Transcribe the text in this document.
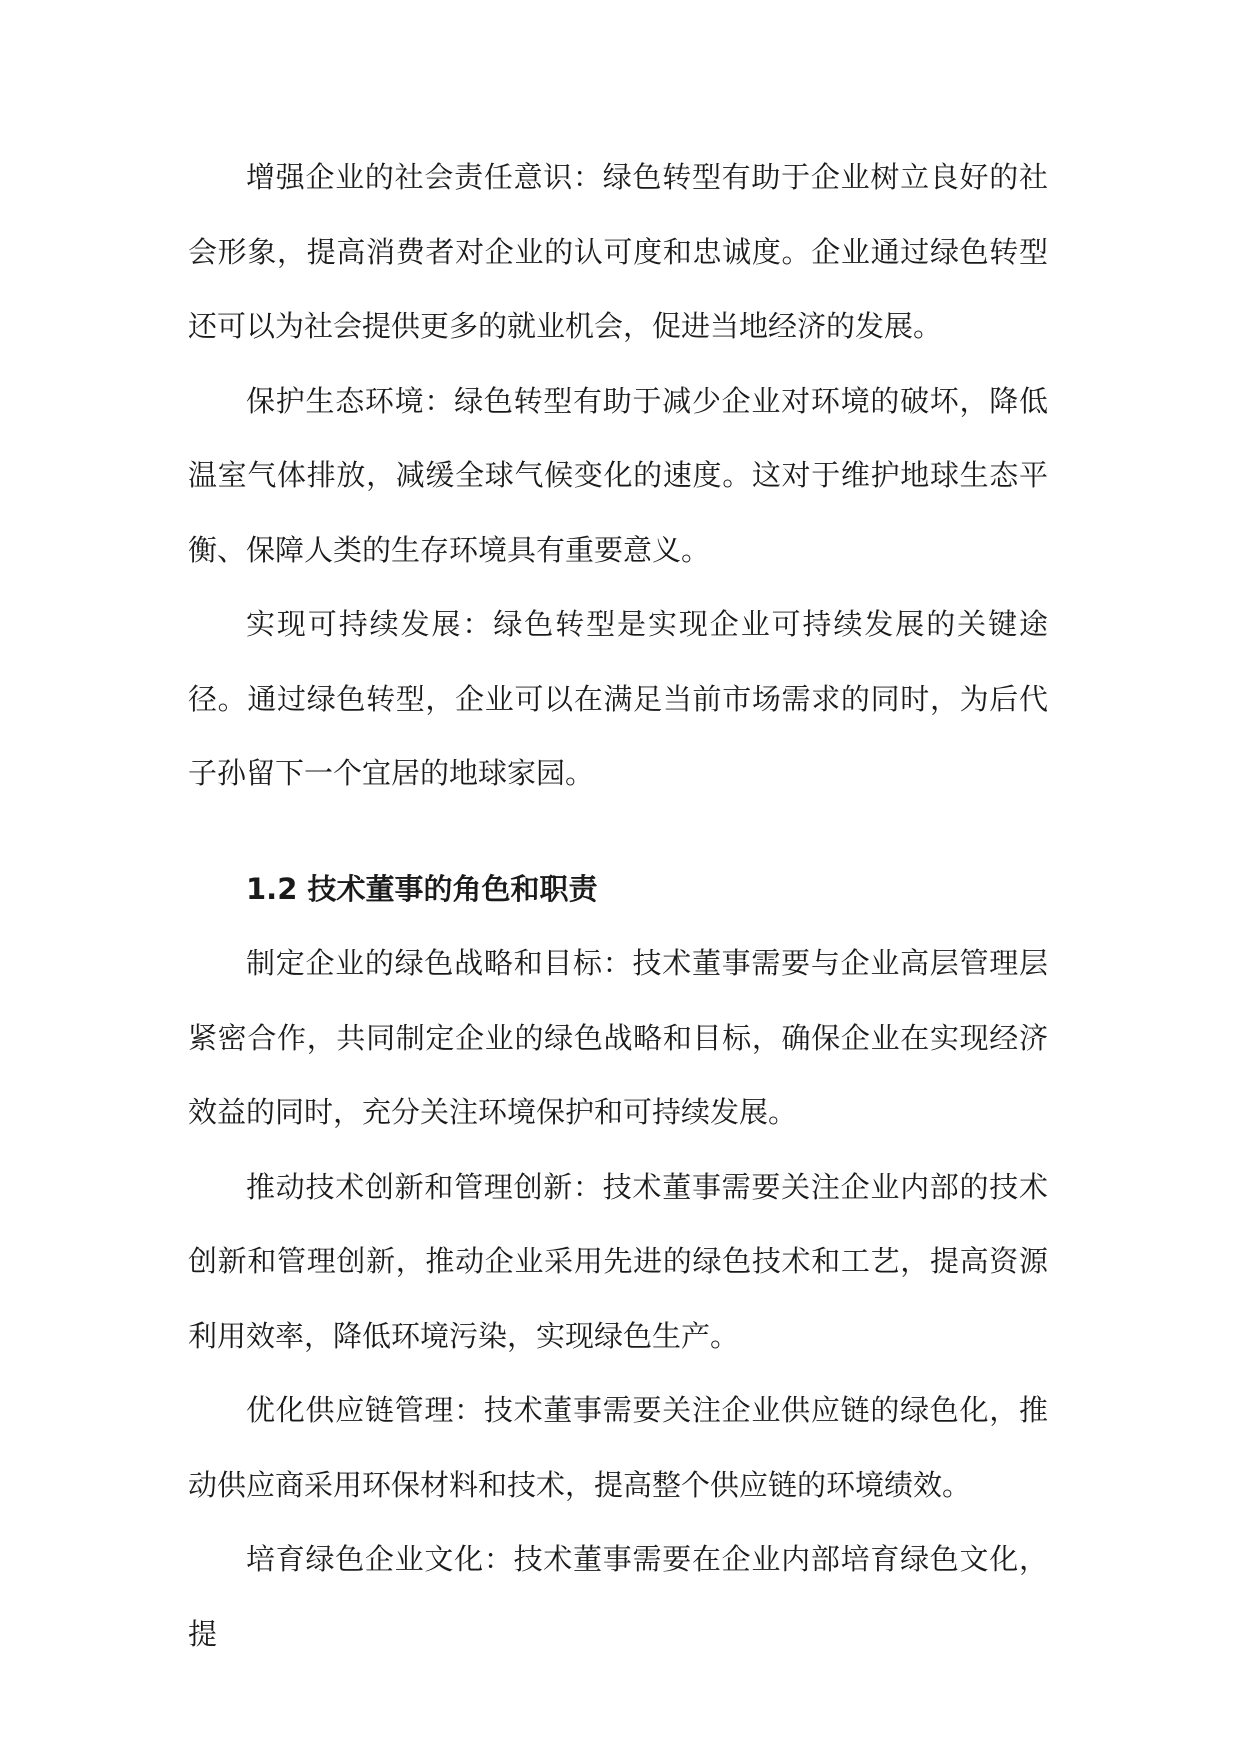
增强企业的社会责任意识：绿色转型有助于企业树立良好的社会形象，提高消费者对企业的认可度和忠诚度。企业通过绿色转型还可以为社会提供更多的就业机会，促进当地经济的发展。

保护生态环境：绿色转型有助于减少企业对环境的破坏，降低温室气体排放，减缓全球气候变化的速度。这对于维护地球生态平衡、保障人类的生存环境具有重要意义。

实现可持续发展：绿色转型是实现企业可持续发展的关键途径。通过绿色转型，企业可以在满足当前市场需求的同时，为后代子孙留下一个宜居的地球家园。

1.2 技术董事的角色和职责

制定企业的绿色战略和目标：技术董事需要与企业高层管理层紧密合作，共同制定企业的绿色战略和目标，确保企业在实现经济效益的同时，充分关注环境保护和可持续发展。

推动技术创新和管理创新：技术董事需要关注企业内部的技术创新和管理创新，推动企业采用先进的绿色技术和工艺，提高资源利用效率，降低环境污染，实现绿色生产。

优化供应链管理：技术董事需要关注企业供应链的绿色化，推动供应商采用环保材料和技术，提高整个供应链的环境绩效。

培育绿色企业文化：技术董事需要在企业内部培育绿色文化，提
